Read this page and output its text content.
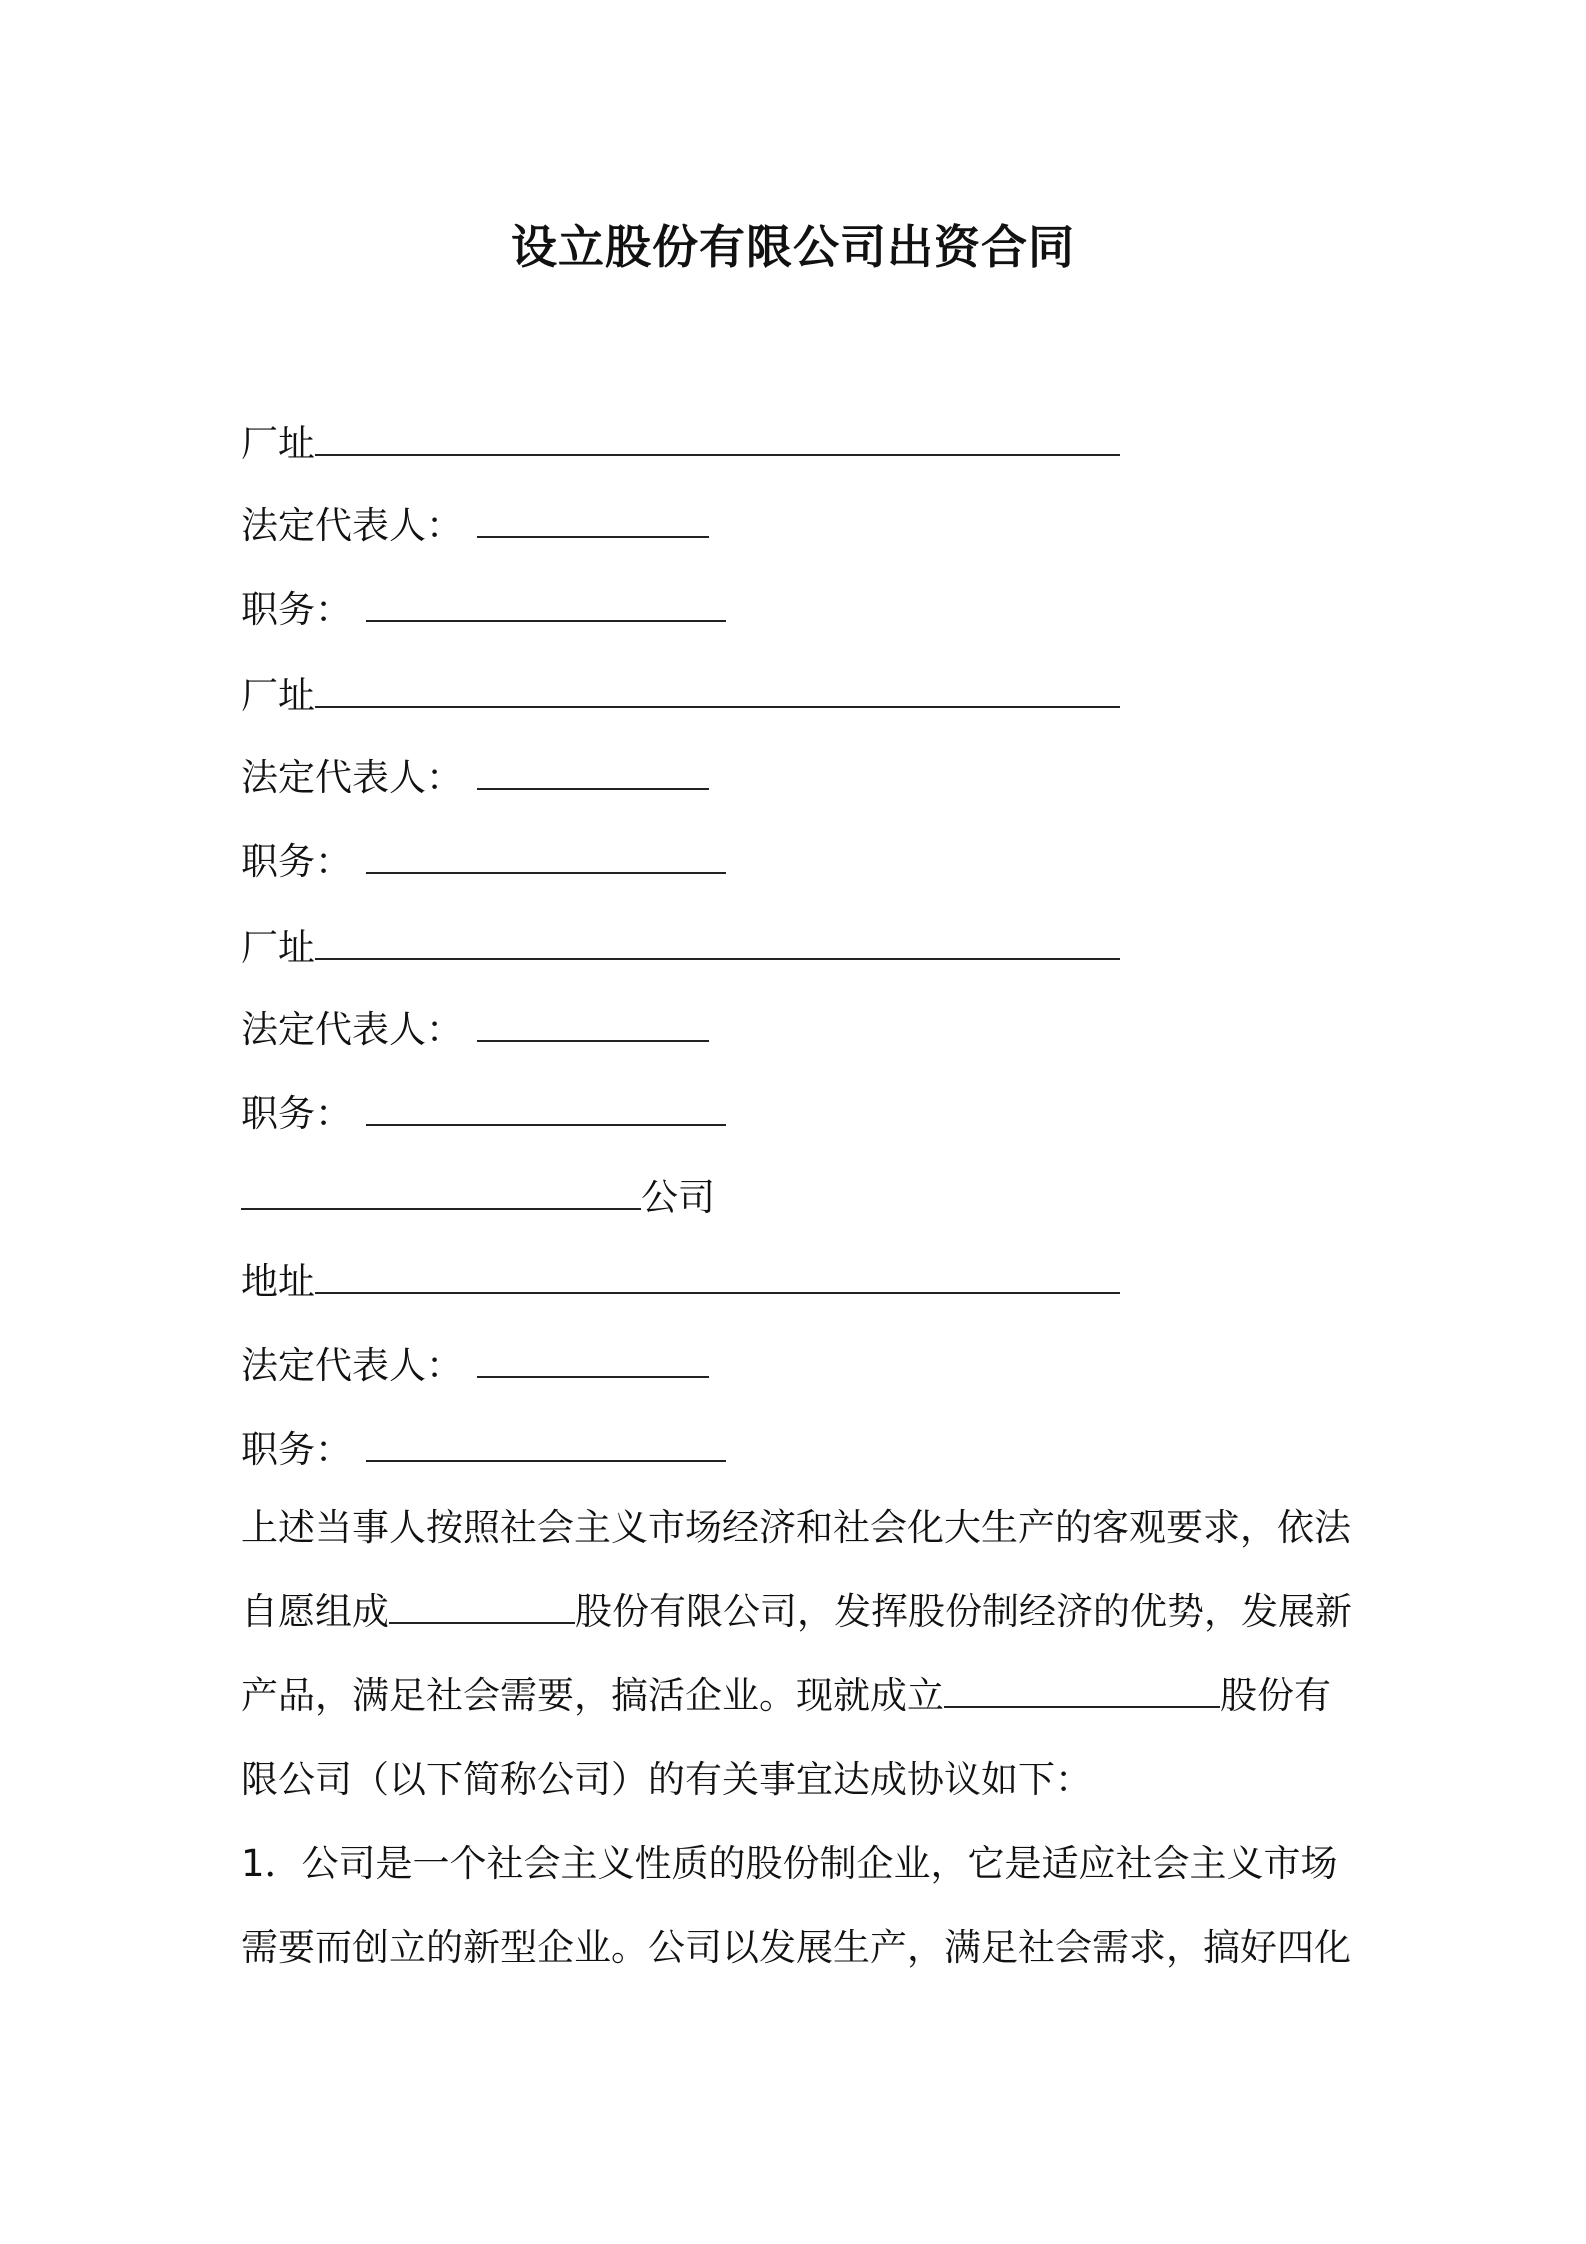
设立股份有限公司出资合同
厂址
法定代表人：
职务：
厂址
法定代表人：
职务：
厂址
法定代表人：
职务：
公司
地址
法定代表人：
职务：
上述当事人按照社会主义市场经济和社会化大生产的客观要求，依法
自愿组成	股份有限公司，发挥股份制经济的优势，发展新
产品，满足社会需要，搞活企业。现就成立	股份有
限公司（以下简称公司）的有关事宜达成协议如下：
1．公司是一个社会主义性质的股份制企业，它是适应社会主义市场
需要而创立的新型企业。公司以发展生产，满足社会需求，搞好四化
